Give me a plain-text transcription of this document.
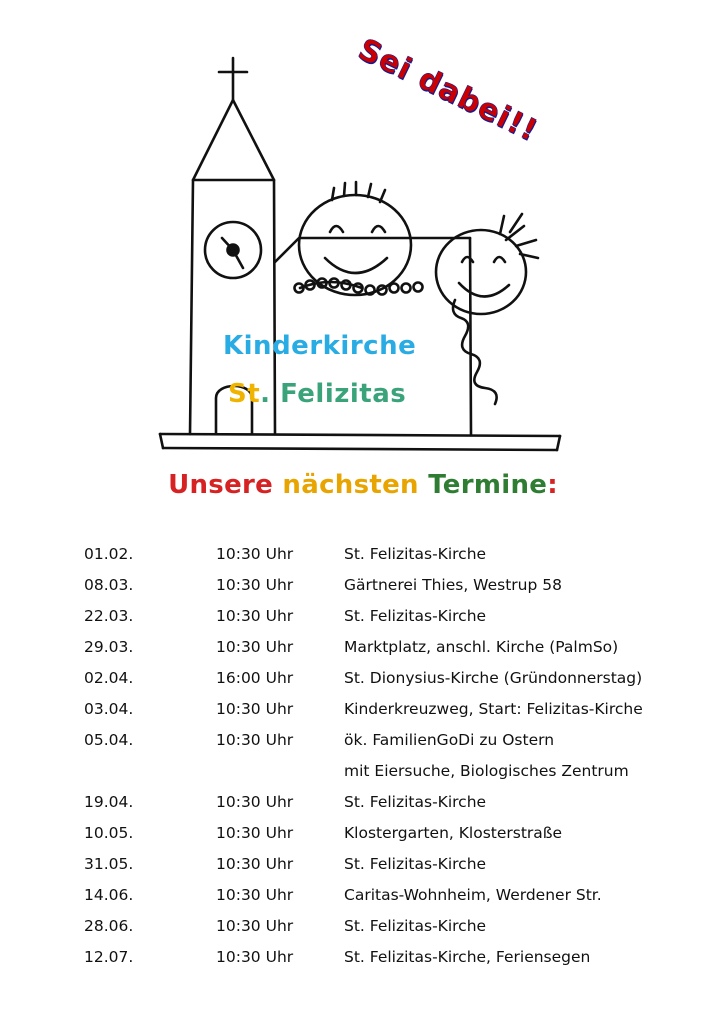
Sei dabei!!
Kinderkirche
St. Felizitas
Unsere nächsten Termine:
01.02.	10:30 Uhr	St. Felizitas-Kirche
08.03.	10:30 Uhr	Gärtnerei Thies, Westrup 58
22.03.	10:30 Uhr	St. Felizitas-Kirche
29.03.	10:30 Uhr	Marktplatz, anschl. Kirche (PalmSo)
02.04.	16:00 Uhr	St. Dionysius-Kirche (Gründonnerstag)
03.04.	10:30 Uhr	Kinderkreuzweg, Start: Felizitas-Kirche
05.04.	10:30 Uhr	ök. FamilienGoDi zu Ostern
		mit Eiersuche, Biologisches Zentrum
19.04.	10:30 Uhr	St. Felizitas-Kirche
10.05.	10:30 Uhr	Klostergarten, Klosterstraße
31.05.	10:30 Uhr	St. Felizitas-Kirche
14.06.	10:30 Uhr	Caritas-Wohnheim, Werdener Str.
28.06.	10:30 Uhr	St. Felizitas-Kirche
12.07.	10:30 Uhr	St. Felizitas-Kirche, Feriensegen
